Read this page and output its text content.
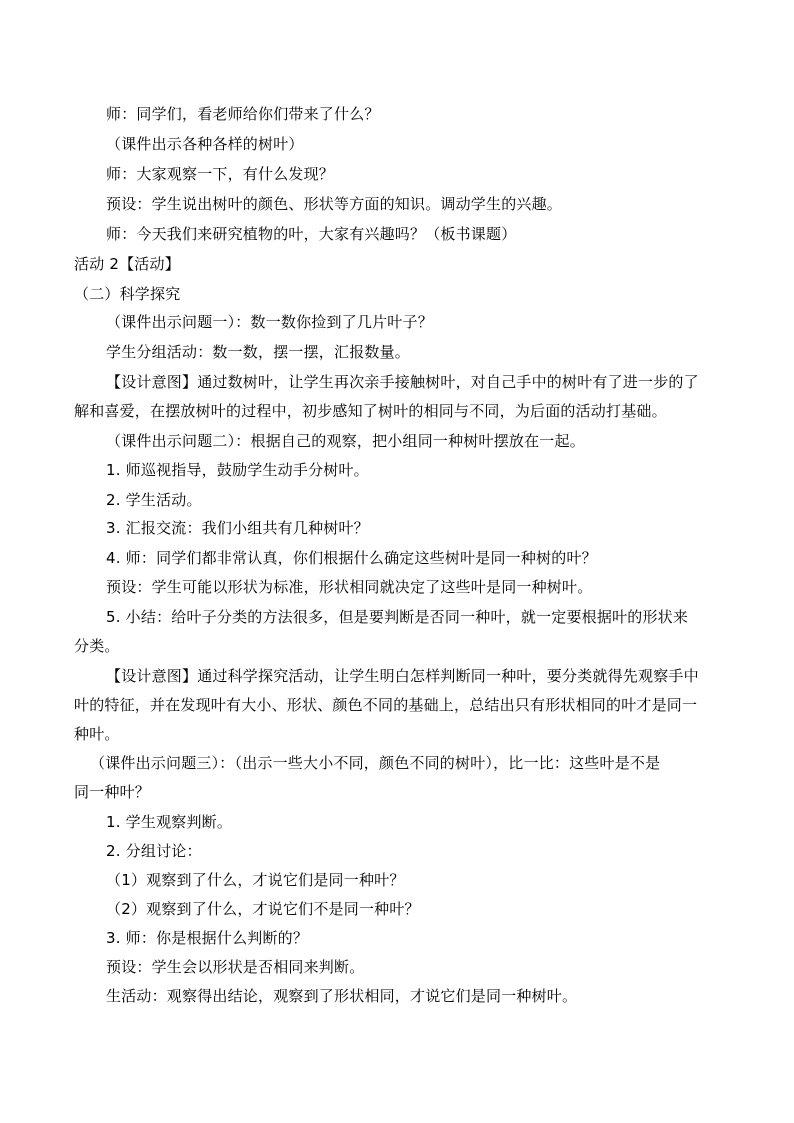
师：同学们，看老师给你们带来了什么？
（课件出示各种各样的树叶）
师：大家观察一下，有什么发现？
预设：学生说出树叶的颜色、形状等方面的知识。调动学生的兴趣。
师：今天我们来研究植物的叶，大家有兴趣吗？（板书课题）
活动 2【活动】
（二）科学探究
（课件出示问题一）：数一数你捡到了几片叶子？
学生分组活动：数一数，摆一摆，汇报数量。
【设计意图】通过数树叶，让学生再次亲手接触树叶，对自己手中的树叶有了进一步的了
解和喜爱，在摆放树叶的过程中，初步感知了树叶的相同与不同，为后面的活动打基础。
（课件出示问题二）：根据自己的观察，把小组同一种树叶摆放在一起。
1. 师巡视指导，鼓励学生动手分树叶。
2. 学生活动。
3. 汇报交流：我们小组共有几种树叶？
4. 师：同学们都非常认真，你们根据什么确定这些树叶是同一种树的叶？
预设：学生可能以形状为标准，形状相同就决定了这些叶是同一种树叶。
5. 小结：给叶子分类的方法很多，但是要判断是否同一种叶，就一定要根据叶的形状来
分类。
【设计意图】通过科学探究活动，让学生明白怎样判断同一种叶，要分类就得先观察手中
叶的特征，并在发现叶有大小、形状、颜色不同的基础上，总结出只有形状相同的叶才是同一
种叶。
（课件出示问题三）：（出示一些大小不同，颜色不同的树叶），比一比：这些叶是不是
同一种叶？
1. 学生观察判断。
2. 分组讨论：
（1）观察到了什么，才说它们是同一种叶？
（2）观察到了什么，才说它们不是同一种叶？
3. 师：你是根据什么判断的？
预设：学生会以形状是否相同来判断。
生活动：观察得出结论，观察到了形状相同，才说它们是同一种树叶。
